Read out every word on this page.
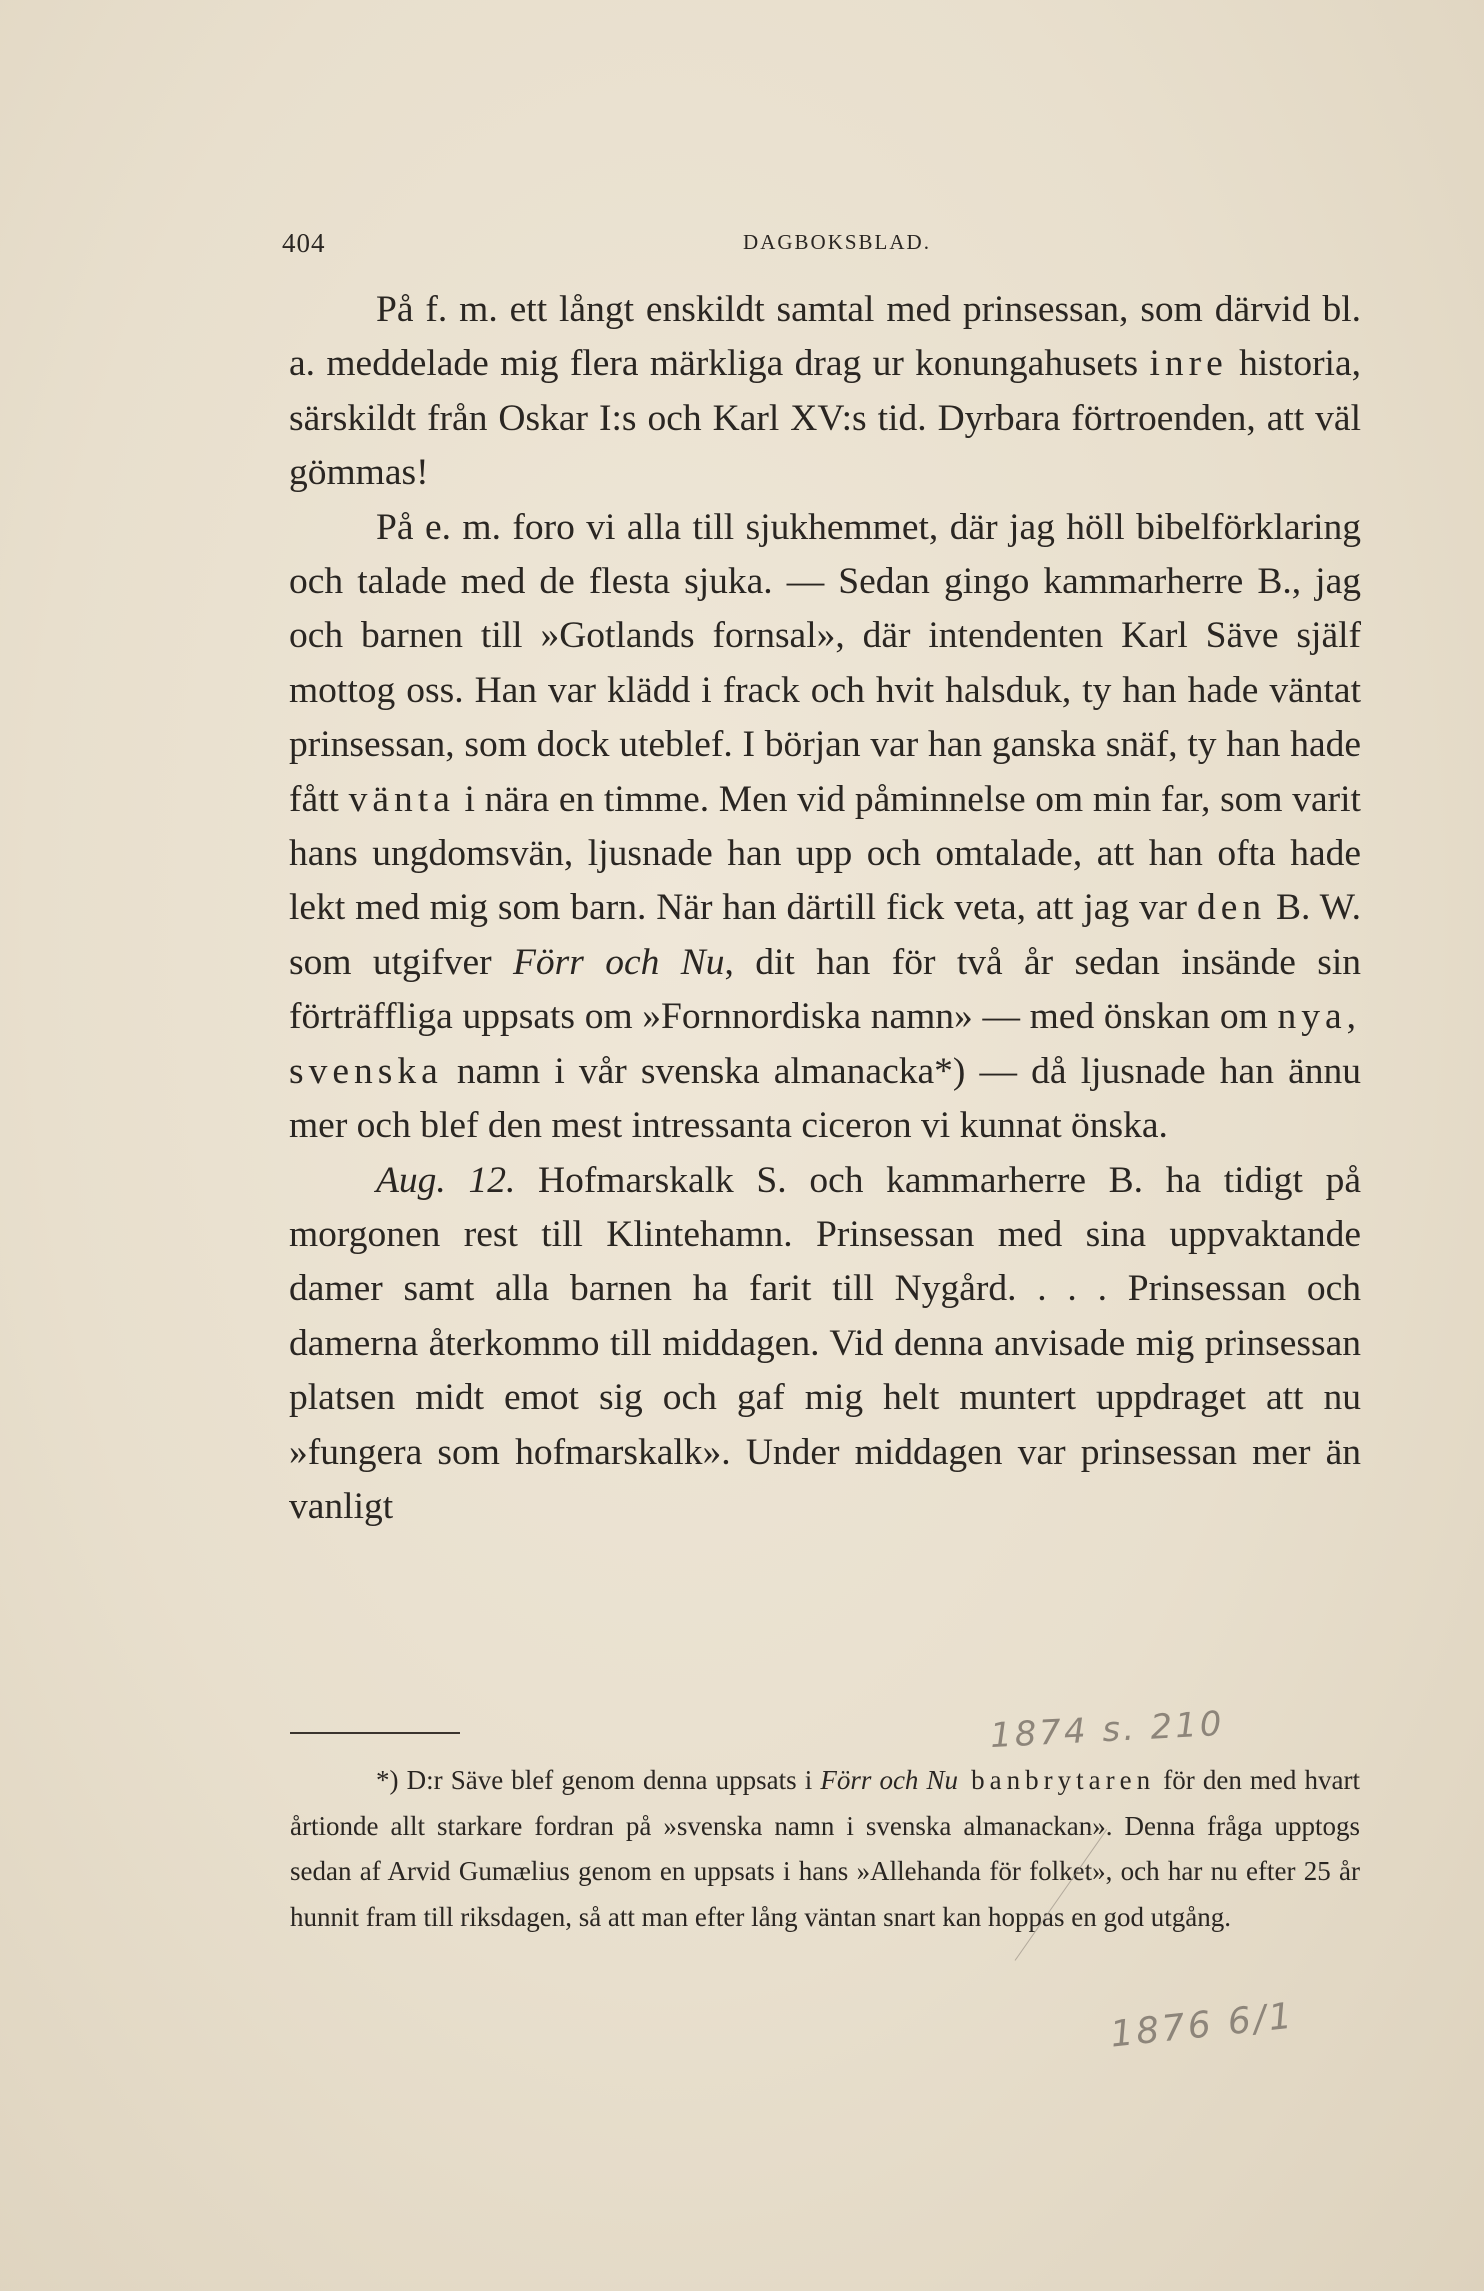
404	DAGBOKSBLAD.

På f. m. ett långt enskildt samtal med prinsessan, som därvid bl. a. meddelade mig flera märkliga drag ur konungahusets inre historia, särskildt från Oskar I:s och Karl XV:s tid. Dyrbara förtroenden, att väl gömmas!

På e. m. foro vi alla till sjukhemmet, där jag höll bibelförklaring och talade med de flesta sjuka. — Sedan gingo kammarherre B., jag och barnen till »Gotlands fornsal», där intendenten Karl Säve själf mottog oss. Han var klädd i frack och hvit halsduk, ty han hade väntat prinsessan, som dock uteblef. I början var han ganska snäf, ty han hade fått vänta i nära en timme. Men vid påminnelse om min far, som varit hans ungdomsvän, ljusnade han upp och omtalade, att han ofta hade lekt med mig som barn. När han därtill fick veta, att jag var den B. W. som utgifver Förr och Nu, dit han för två år sedan insände sin förträffliga uppsats om »Fornnordiska namn» — med önskan om nya, svenska namn i vår svenska almanacka*) — då ljusnade han ännu mer och blef den mest intressanta ciceron vi kunnat önska.

Aug. 12. Hofmarskalk S. och kammarherre B. ha tidigt på morgonen rest till Klintehamn. Prinsessan med sina uppvaktande damer samt alla barnen ha farit till Nygård. . . . Prinsessan och damerna återkommo till middagen. Vid denna anvisade mig prinsessan platsen midt emot sig och gaf mig helt muntert uppdraget att nu »fungera som hofmarskalk». Under middagen var prinsessan mer än vanligt

*) D:r Säve blef genom denna uppsats i Förr och Nu banbrytaren för den med hvart årtionde allt starkare fordran på »svenska namn i svenska almanackan». Denna fråga upptogs sedan af Arvid Gumælius genom en uppsats i hans »Allehanda för folket», och har nu efter 25 år hunnit fram till riksdagen, så att man efter lång väntan snart kan hoppas en god utgång.

1874 s. 210
1876 6/1
